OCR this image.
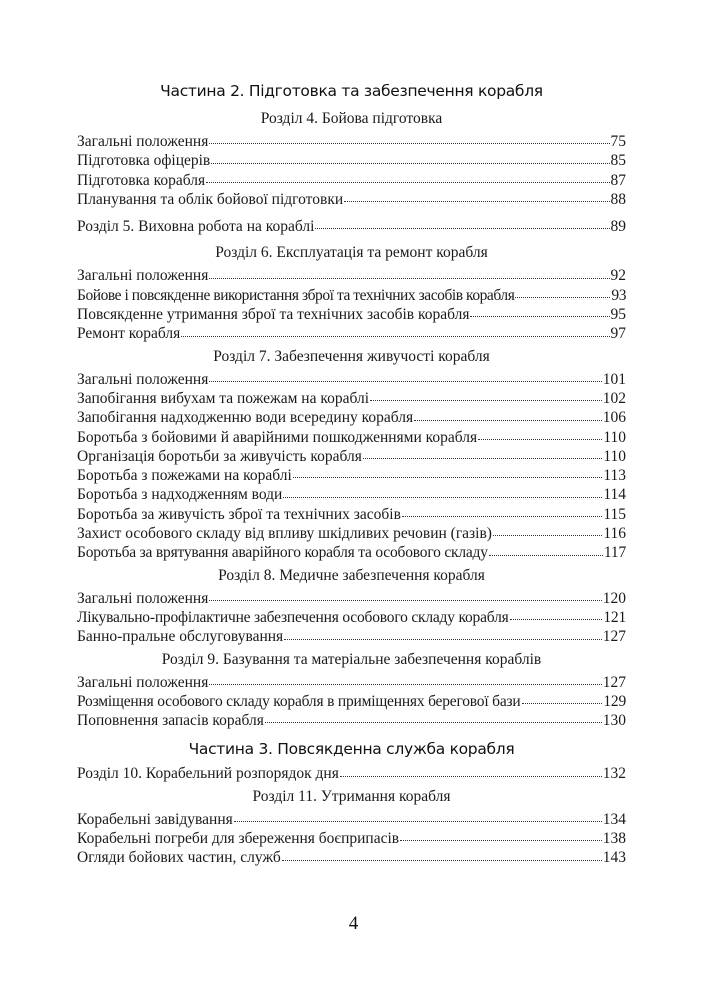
Частина 2. Підготовка та забезпечення корабля
Розділ 4. Бойова підготовка
Загальні положення	75
Підготовка офіцерів	85
Підготовка корабля	87
Планування та облік бойової підготовки	88
Розділ 5. Виховна робота на кораблі	89
Розділ 6. Експлуатація та ремонт корабля
Загальні положення	92
Бойове і повсякденне використання зброї та технічних засобів корабля	93
Повсякденне утримання зброї та технічних засобів корабля	95
Ремонт корабля	97
Розділ 7. Забезпечення живучості корабля
Загальні положення	101
Запобігання вибухам та пожежам на кораблі	102
Запобігання надходженню води всередину корабля	106
Боротьба з бойовими й аварійними пошкодженнями корабля	110
Організація боротьби за живучість корабля	110
Боротьба з пожежами на кораблі	113
Боротьба з надходженням води	114
Боротьба за живучість зброї та технічних засобів	115
Захист особового складу від впливу шкідливих речовин (газів)	116
Боротьба за врятування аварійного корабля та особового складу	117
Розділ 8. Медичне забезпечення корабля
Загальні положення	120
Лікувально-профілактичне забезпечення особового складу корабля	121
Банно-пральне обслуговування	127
Розділ 9. Базування та матеріальне забезпечення кораблів
Загальні положення	127
Розміщення особового складу корабля в приміщеннях берегової бази	129
Поповнення запасів корабля	130
Частина 3. Повсякденна служба корабля
Розділ 10. Корабельний розпорядок дня	132
Розділ 11. Утримання корабля
Корабельні завідування	134
Корабельні погреби для збереження боєприпасів	138
Огляди бойових частин, служб	143
4
